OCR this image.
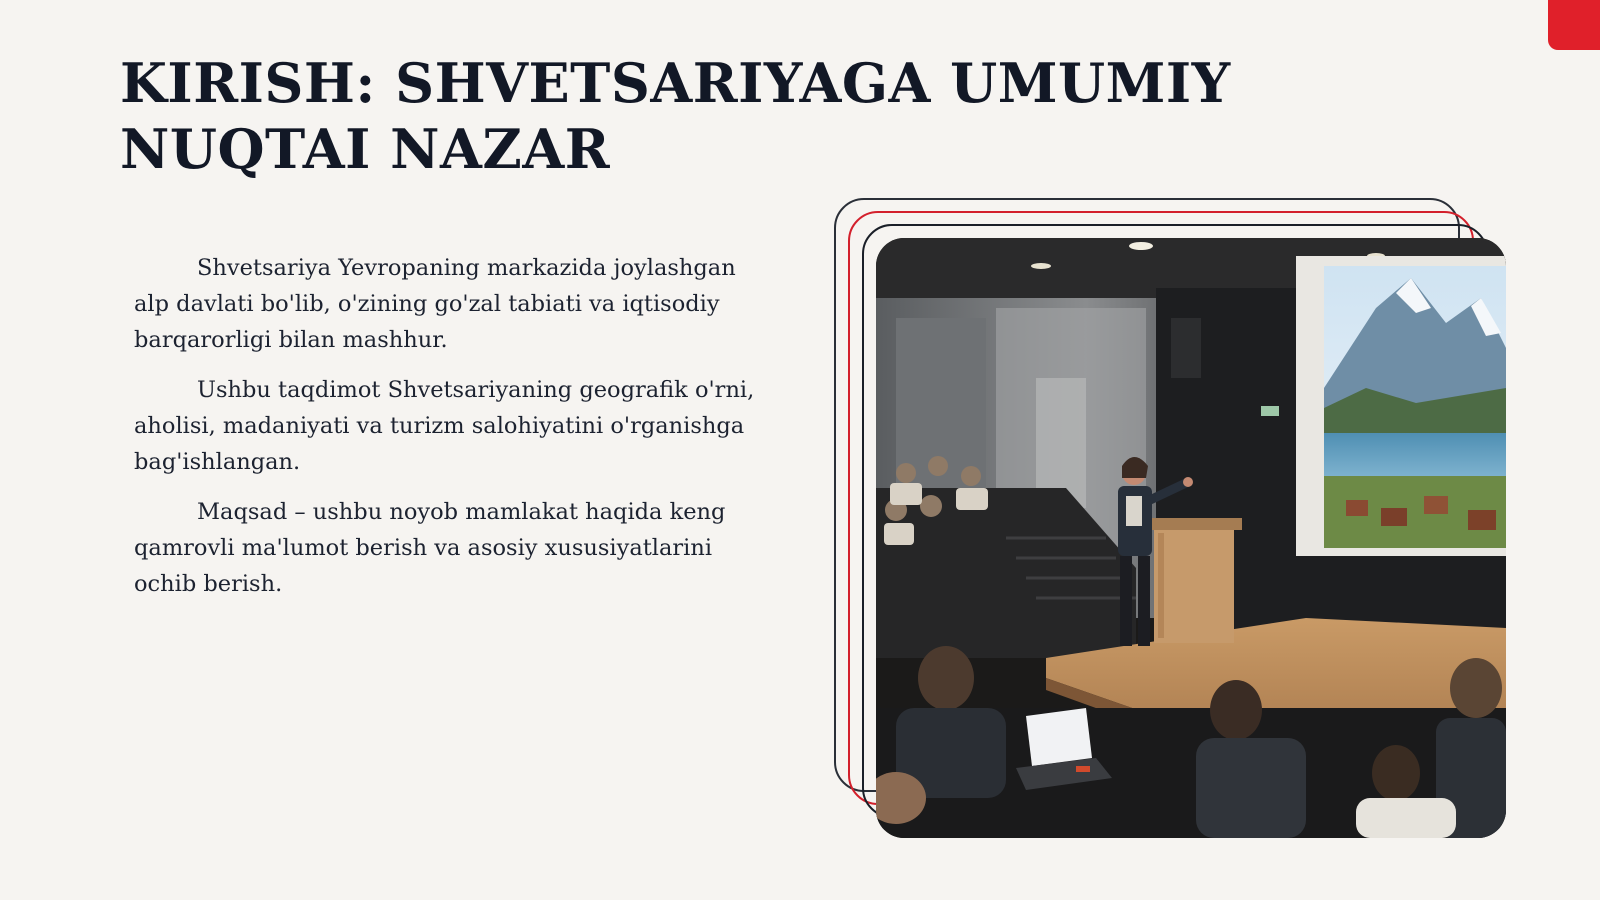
KIRISH: SHVETSARIYAGA UMUMIY NUQTAI NAZAR

Shvetsariya Yevropaning markazida joylashgan alp davlati bo'lib, o'zining go'zal tabiati va iqtisodiy barqarorligi bilan mashhur.

Ushbu taqdimot Shvetsariyaning geografik o'rni, aholisi, madaniyati va turizm salohiyatini o'rganishga bag'ishlangan.

Maqsad – ushbu noyob mamlakat haqida keng qamrovli ma'lumot berish va asosiy xususiyatlarini ochib berish.
